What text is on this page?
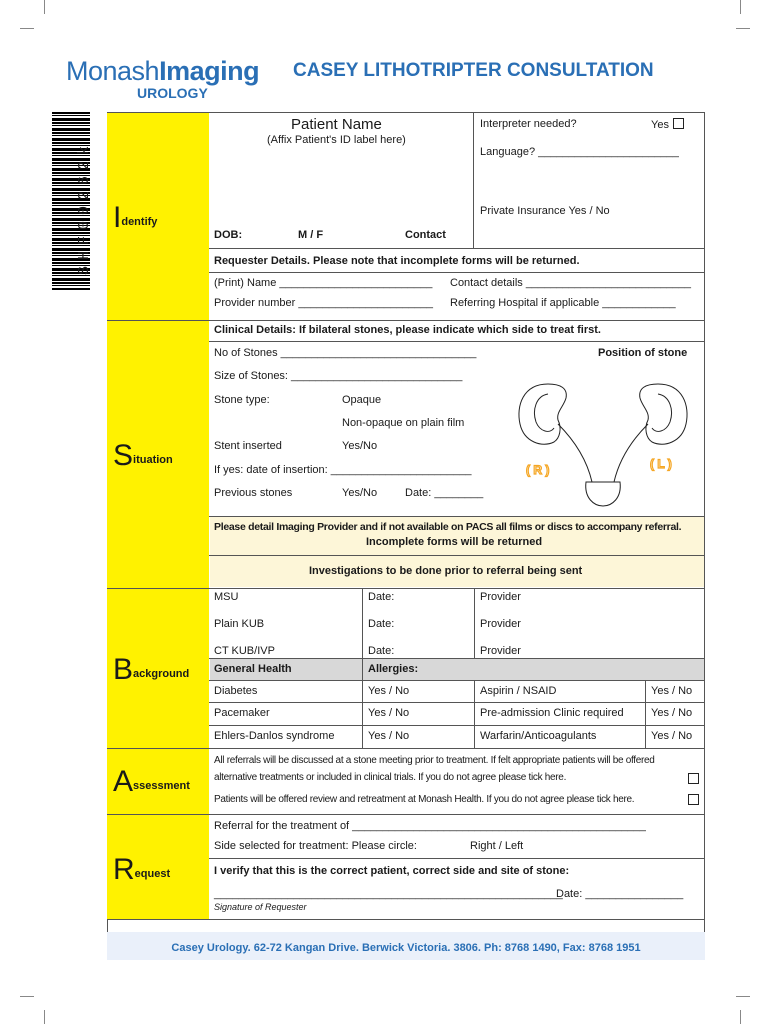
MonashImaging
UROLOGY
CASEY LITHOTRIPTER CONSULTATION
SHF00262k Identify
Situation
Background
Assessment
Request
Patient Name
(Affix Patient's ID label here)
Interpreter needed?	Yes
Language? _______________________
Private Insurance Yes / No
DOB:	M / F	Contact
Requester Details. Please note that incomplete forms will be returned.
(Print) Name _________________________ Contact details ___________________________
Provider number ______________________ Referring Hospital if applicable ____________
Clinical Details: If bilateral stones, please indicate which side to treat first.
No of Stones ________________________________	Position of stone
Size of Stones: ____________________________
Stone type:	Opaque
Non-opaque on plain film
Stent inserted	Yes/No
If yes: date of insertion: _______________________
Previous stones	Yes/No	Date: ________
( R )	( L )
Please detail Imaging Provider and if not available on PACS all films or discs to accompany referral.
Incomplete forms will be returned
Investigations to be done prior to referral being sent
MSU	Date:	Provider
Plain KUB	Date:	Provider
CT KUB/IVP	Date:	Provider
General Health	Allergies:
Diabetes	Yes / No	Aspirin / NSAID	Yes / No
Pacemaker	Yes / No	Pre-admission Clinic required Yes / No
Ehlers-Danlos syndrome	Yes / No	Warfarin/Anticoagulants	Yes / No
All referrals will be discussed at a stone meeting prior to treatment. If felt appropriate patients will be offered
alternative treatments or included in clinical trials. If you do not agree please tick here.
Patients will be offered review and retreatment at Monash Health. If you do not agree please tick here.
Referral for the treatment of ________________________________________________
Side selected for treatment: Please circle:	Right / Left
I verify that this is the correct patient, correct side and site of stone:
_________________________________________________________
Date: ________________
Signature of Requester
Casey Urology. 62-72 Kangan Drive. Berwick Victoria. 3806. Ph: 8768 1490, Fax: 8768 1951
